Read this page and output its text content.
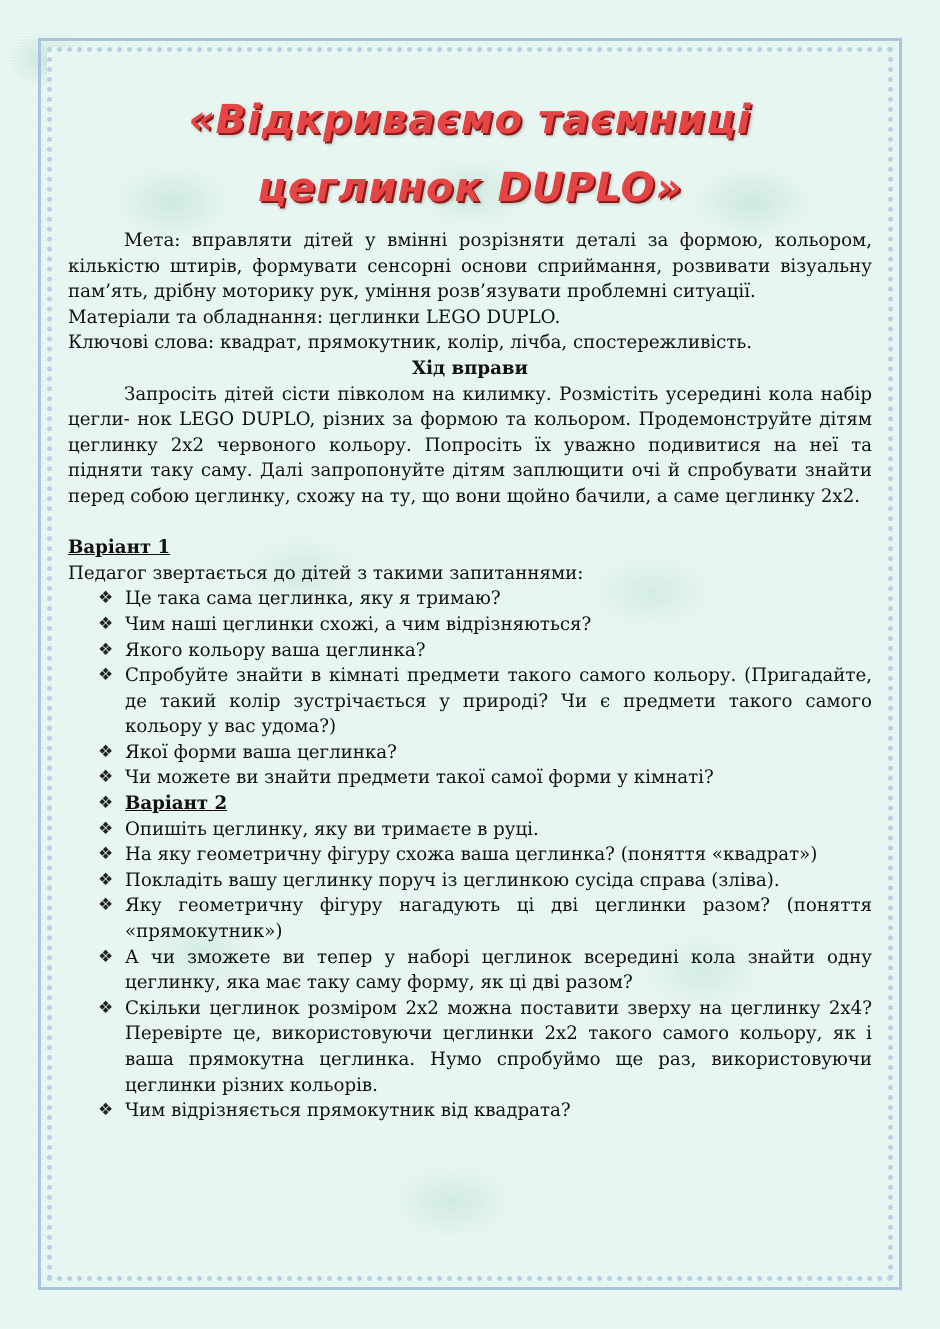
«Відкриваємо таємниці
цеглинок DUPLO»

Мета: вправляти дітей у вмінні розрізняти деталі за формою, кольором, кількістю штирів, формувати сенсорні основи сприймання, розвивати візуальну пам’ять, дрібну моторику рук, уміння розв’язувати проблемні ситуації.

Матеріали та обладнання: цеглинки LEGO DUPLO.

Ключові слова: квадрат, прямокутник, колір, лічба, спостережливість.

Хід вправи

Запросіть дітей сісти півколом на килимку. Розмістіть усередині кола набір цегли- нок LEGO DUPLO, різних за формою та кольором. Продемонструйте дітям цеглинку 2х2 червоного кольору. Попросіть їх уважно подивитися на неї та підняти таку саму. Далі запропонуйте дітям заплющити очі й спробувати знайти перед собою цеглинку, схожу на ту, що вони щойно бачили, а саме цеглинку 2х2.

Варіант 1

Педагог звертається до дітей з такими запитаннями:

❖ Це така сама цеглинка, яку я тримаю?
❖ Чим наші цеглинки схожі, а чим відрізняються?
❖ Якого кольору ваша цеглинка?
❖ Спробуйте знайти в кімнаті предмети такого самого кольору. (Пригадайте, де такий колір зустрічається у природі? Чи є предмети такого самого кольору у вас удома?)
❖ Якої форми ваша цеглинка?
❖ Чи можете ви знайти предмети такої самої форми у кімнаті?
❖ Варіант 2
❖ Опишіть цеглинку, яку ви тримаєте в руці.
❖ На яку геометричну фігуру схожа ваша цеглинка? (поняття «квадрат»)
❖ Покладіть вашу цеглинку поруч із цеглинкою сусіда справа (зліва).
❖ Яку геометричну фігуру нагадують ці дві цеглинки разом? (поняття «прямокутник»)
❖ А чи зможете ви тепер у наборі цеглинок всередині кола знайти одну цеглинку, яка має таку саму форму, як ці дві разом?
❖ Скільки цеглинок розміром 2х2 можна поставити зверху на цеглинку 2х4? Перевірте це, використовуючи цеглинки 2х2 такого самого кольору, як і ваша прямокутна цеглинка. Нумо спробуймо ще раз, використовуючи цеглинки різних кольорів.
❖ Чим відрізняється прямокутник від квадрата?
